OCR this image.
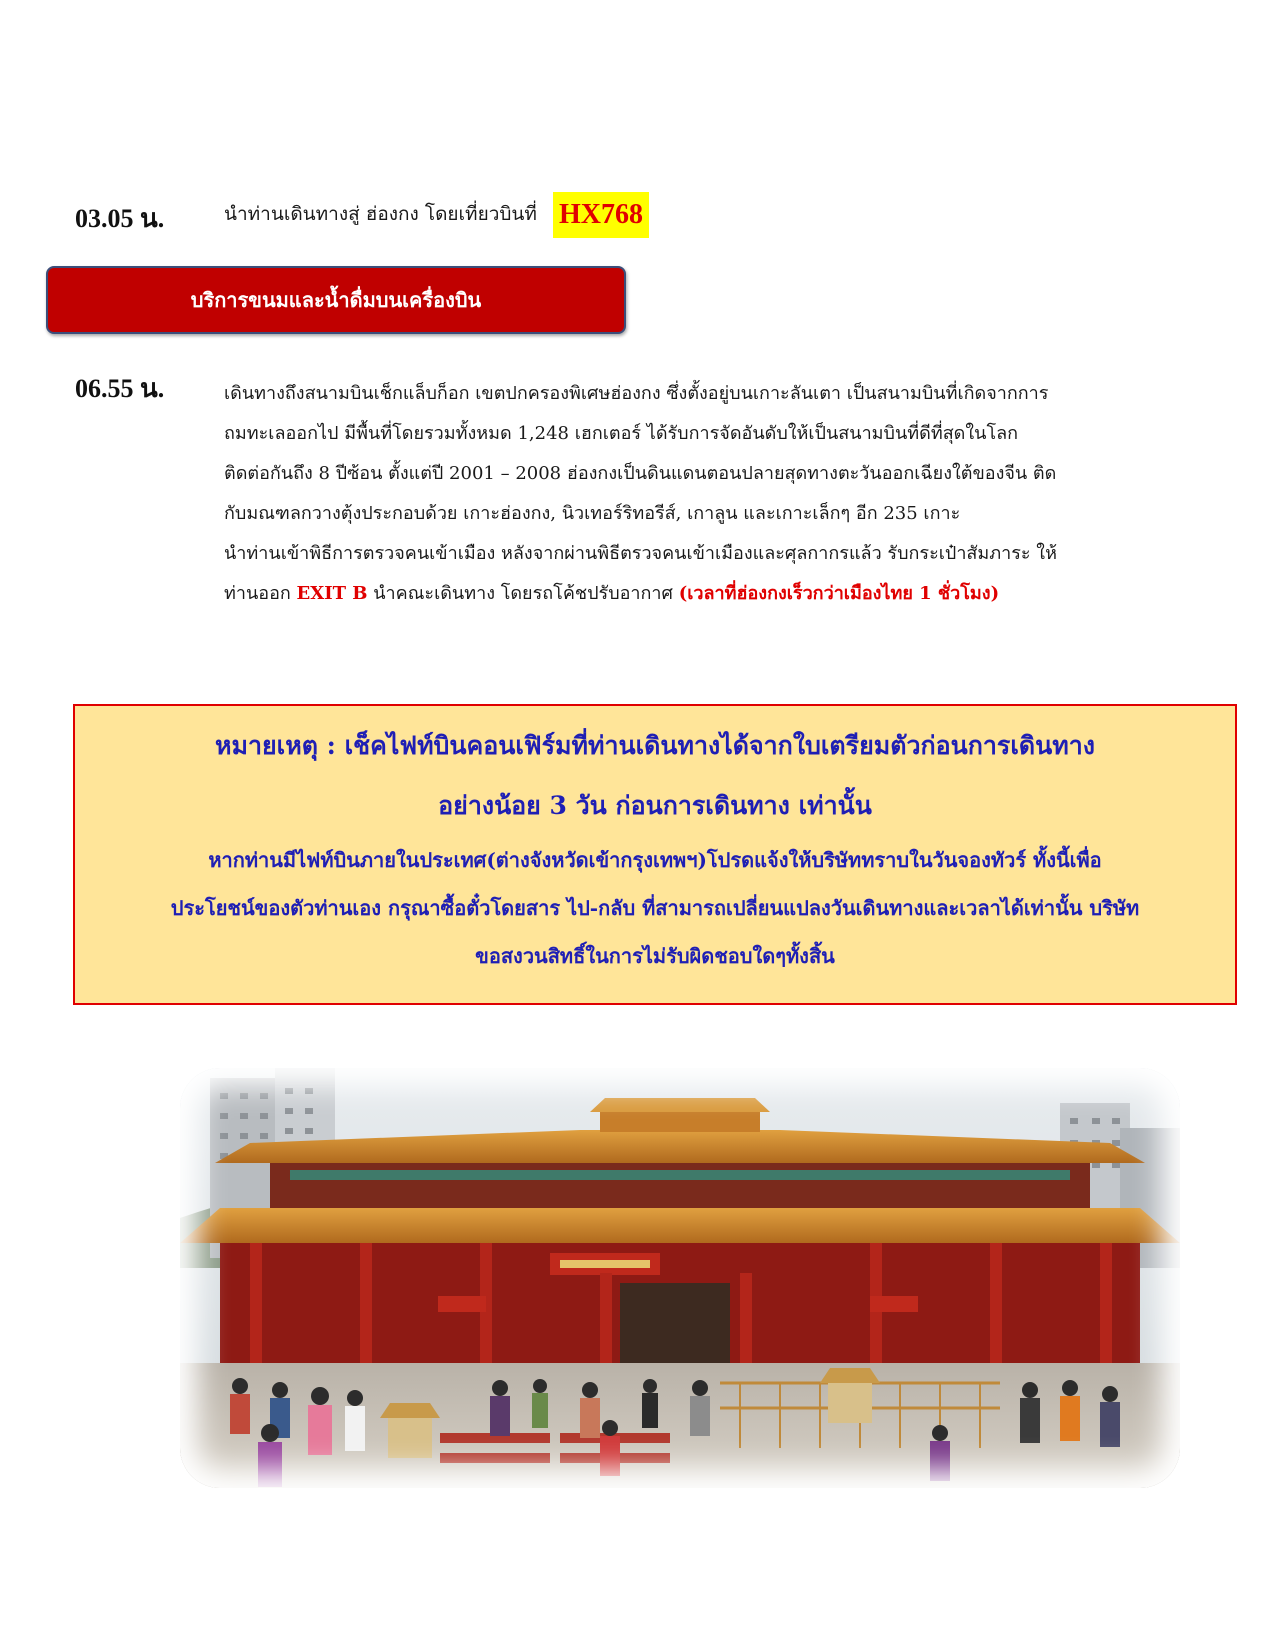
03.05 น.	นำท่านเดินทางสู่ ฮ่องกง โดยเที่ยวบินที่ HX768
บริการขนมและน้ำดื่มบนเครื่องบิน
06.55 น.	เดินทางถึงสนามบินเช็กแล็บก็อก เขตปกครองพิเศษฮ่องกง ซึ่งตั้งอยู่บนเกาะลันเตา เป็นสนามบินที่เกิดจากการ
ถมทะเลออกไป มีพื้นที่โดยรวมทั้งหมด 1,248 เฮกเตอร์ ได้รับการจัดอันดับให้เป็นสนามบินที่ดีที่สุดในโลก
ติดต่อกันถึง 8 ปีซ้อน ตั้งแต่ปี 2001 – 2008 ฮ่องกงเป็นดินแดนตอนปลายสุดทางตะวันออกเฉียงใต้ของจีน ติด
กับมณฑลกวางตุ้งประกอบด้วย เกาะฮ่องกง, นิวเทอร์ริทอรีส์, เกาลูน และเกาะเล็กๆ อีก 235 เกาะ
นำท่านเข้าพิธีการตรวจคนเข้าเมือง หลังจากผ่านพิธีตรวจคนเข้าเมืองและศุลกากรแล้ว รับกระเป๋าสัมภาระ ให้
ท่านออก EXIT B นำคณะเดินทาง โดยรถโค้ชปรับอากาศ (เวลาที่ฮ่องกงเร็วกว่าเมืองไทย 1 ชั่วโมง)
หมายเหตุ : เช็คไฟท์บินคอนเฟิร์มที่ท่านเดินทางได้จากใบเตรียมตัวก่อนการเดินทาง
อย่างน้อย 3 วัน ก่อนการเดินทาง เท่านั้น
หากท่านมีไฟท์บินภายในประเทศ(ต่างจังหวัดเข้ากรุงเทพฯ)โปรดแจ้งให้บริษัททราบในวันจองทัวร์ ทั้งนี้เพื่อ
ประโยชน์ของตัวท่านเอง กรุณาซื้อตั๋วโดยสาร ไป-กลับ ที่สามารถเปลี่ยนแปลงวันเดินทางและเวลาได้เท่านั้น บริษัท
ขอสงวนสิทธิ์ในการไม่รับผิดชอบใดๆทั้งสิ้น
